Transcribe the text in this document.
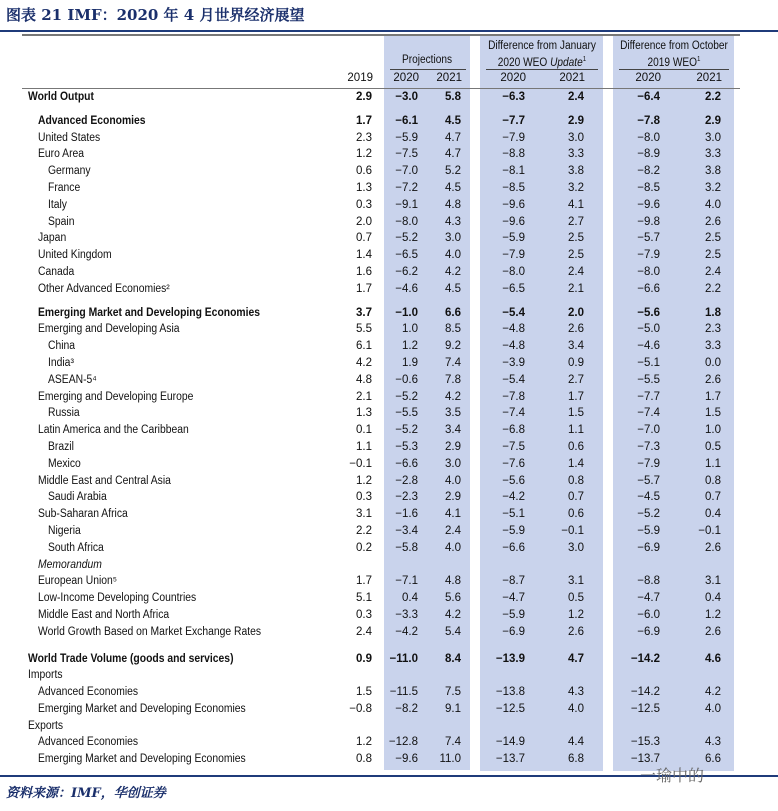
图表 21 IMF：2020 年 4 月世界经济展望
Projections
Difference from January
2020 WEO Update$^1$
Difference from October
2019 WEO$^1$
2019	2020	2021	2020	2021	2020	2021
World Output	2.9	−3.0	5.8	−6.3	2.4	−6.4	2.2
Advanced Economies	1.7	−6.1	4.5	−7.7	2.9	−7.8	2.9
United States	2.3	−5.9	4.7	−7.9	3.0	−8.0	3.0
Euro Area	1.2	−7.5	4.7	−8.8	3.3	−8.9	3.3
Germany	0.6	−7.0	5.2	−8.1	3.8	−8.2	3.8
France	1.3	−7.2	4.5	−8.5	3.2	−8.5	3.2
Italy	0.3	−9.1	4.8	−9.6	4.1	−9.6	4.0
Spain	2.0	−8.0	4.3	−9.6	2.7	−9.8	2.6
Japan	0.7	−5.2	3.0	−5.9	2.5	−5.7	2.5
United Kingdom	1.4	−6.5	4.0	−7.9	2.5	−7.9	2.5
Canada	1.6	−6.2	4.2	−8.0	2.4	−8.0	2.4
Other Advanced Economies²	1.7	−4.6	4.5	−6.5	2.1	−6.6	2.2
Emerging Market and Developing Economies	3.7	−1.0	6.6	−5.4	2.0	−5.6	1.8
Emerging and Developing Asia	5.5	1.0	8.5	−4.8	2.6	−5.0	2.3
China	6.1	1.2	9.2	−4.8	3.4	−4.6	3.3
India³	4.2	1.9	7.4	−3.9	0.9	−5.1	0.0
ASEAN-5⁴	4.8	−0.6	7.8	−5.4	2.7	−5.5	2.6
Emerging and Developing Europe	2.1	−5.2	4.2	−7.8	1.7	−7.7	1.7
Russia	1.3	−5.5	3.5	−7.4	1.5	−7.4	1.5
Latin America and the Caribbean	0.1	−5.2	3.4	−6.8	1.1	−7.0	1.0
Brazil	1.1	−5.3	2.9	−7.5	0.6	−7.3	0.5
Mexico	−0.1	−6.6	3.0	−7.6	1.4	−7.9	1.1
Middle East and Central Asia	1.2	−2.8	4.0	−5.6	0.8	−5.7	0.8
Saudi Arabia	0.3	−2.3	2.9	−4.2	0.7	−4.5	0.7
Sub-Saharan Africa	3.1	−1.6	4.1	−5.1	0.6	−5.2	0.4
Nigeria	2.2	−3.4	2.4	−5.9	−0.1	−5.9	−0.1
South Africa	0.2	−5.8	4.0	−6.6	3.0	−6.9	2.6
Memorandum
European Union⁵	1.7	−7.1	4.8	−8.7	3.1	−8.8	3.1
Low-Income Developing Countries	5.1	0.4	5.6	−4.7	0.5	−4.7	0.4
Middle East and North Africa	0.3	−3.3	4.2	−5.9	1.2	−6.0	1.2
World Growth Based on Market Exchange Rates	2.4	−4.2	5.4	−6.9	2.6	−6.9	2.6
World Trade Volume (goods and services)	0.9	−11.0	8.4	−13.9	4.7	−14.2	4.6
Imports
Advanced Economies	1.5	−11.5	7.5	−13.8	4.3	−14.2	4.2
Emerging Market and Developing Economies	−0.8	−8.2	9.1	−12.5	4.0	−12.5	4.0
Exports
Advanced Economies	1.2	−12.8	7.4	−14.9	4.4	−15.3	4.3
Emerging Market and Developing Economies	0.8	−9.6	11.0	−13.7	6.8	−13.7	6.6
资料来源：IMF，华创证券
一瑜中的
